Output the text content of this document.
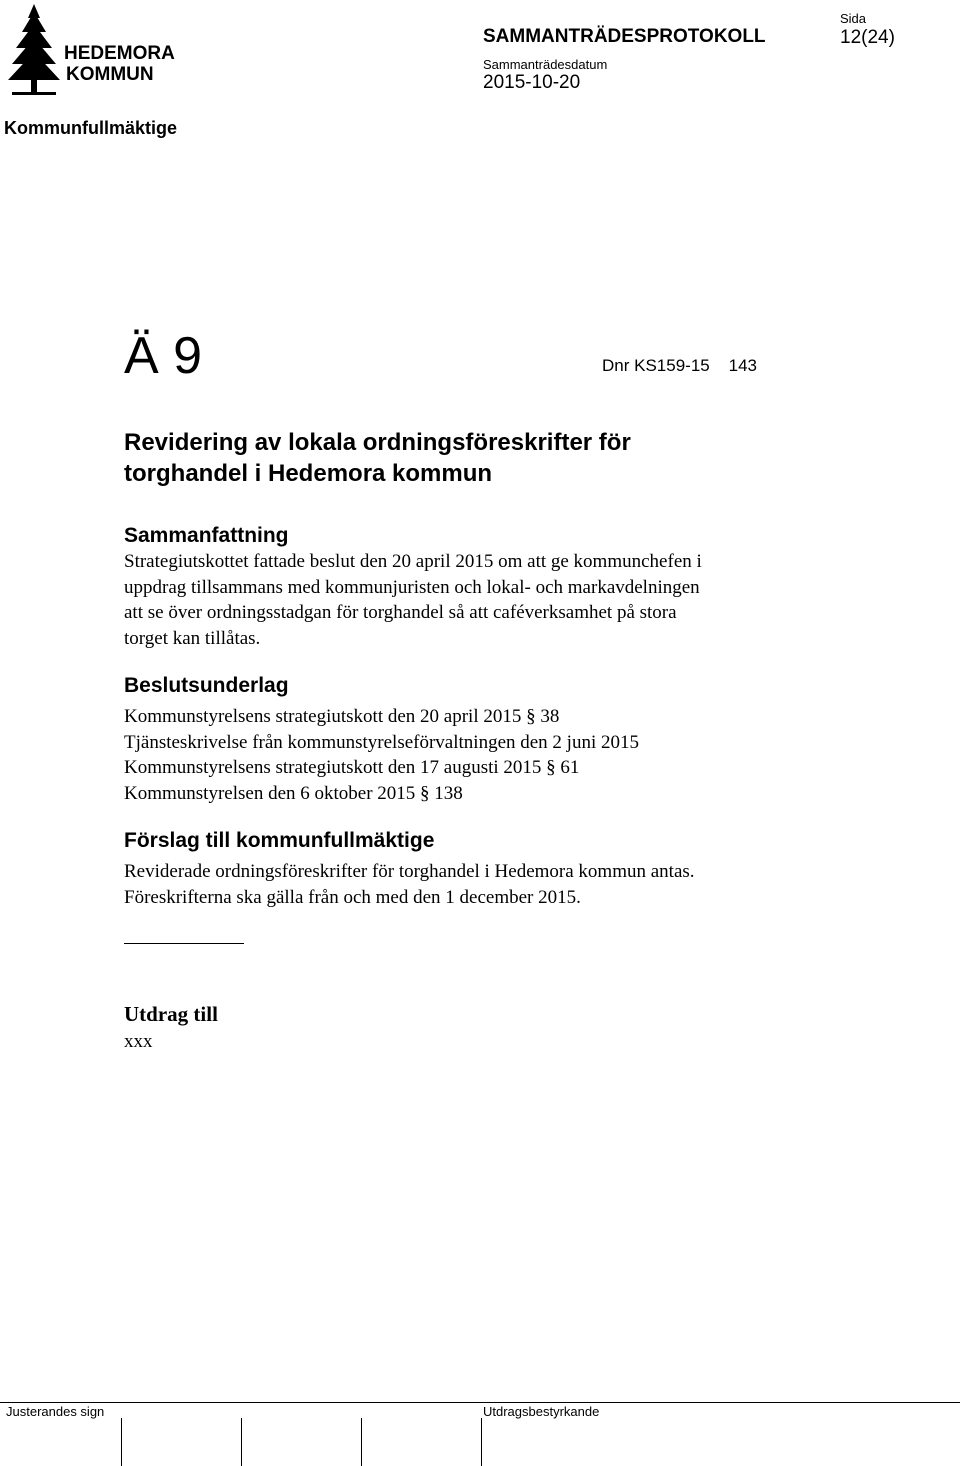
HEDEMORA
KOMMUN
SAMMANTRÄDESPROTOKOLL
Sida
12(24)
Sammanträdesdatum
2015-10-20
Kommunfullmäktige
Ä 9	Dnr KS159-15    143
Revidering av lokala ordningsföreskrifter för
torghandel i Hedemora kommun
Sammanfattning

Strategiutskottet fattade beslut den 20 april 2015 om att ge kommunchefen i
uppdrag tillsammans med kommunjuristen och lokal- och markavdelningen
att se över ordningsstadgan för torghandel så att caféverksamhet på stora
torget kan tillåtas.

Beslutsunderlag

Kommunstyrelsens strategiutskott den 20 april 2015 § 38
Tjänsteskrivelse från kommunstyrelseförvaltningen den 2 juni 2015
Kommunstyrelsens strategiutskott den 17 augusti 2015 § 61
Kommunstyrelsen den 6 oktober 2015 § 138

Förslag till kommunfullmäktige

Reviderade ordningsföreskrifter för torghandel i Hedemora kommun antas.
Föreskrifterna ska gälla från och med den 1 december 2015.

Utdrag till
xxx
Justerandes sign	Utdragsbestyrkande
